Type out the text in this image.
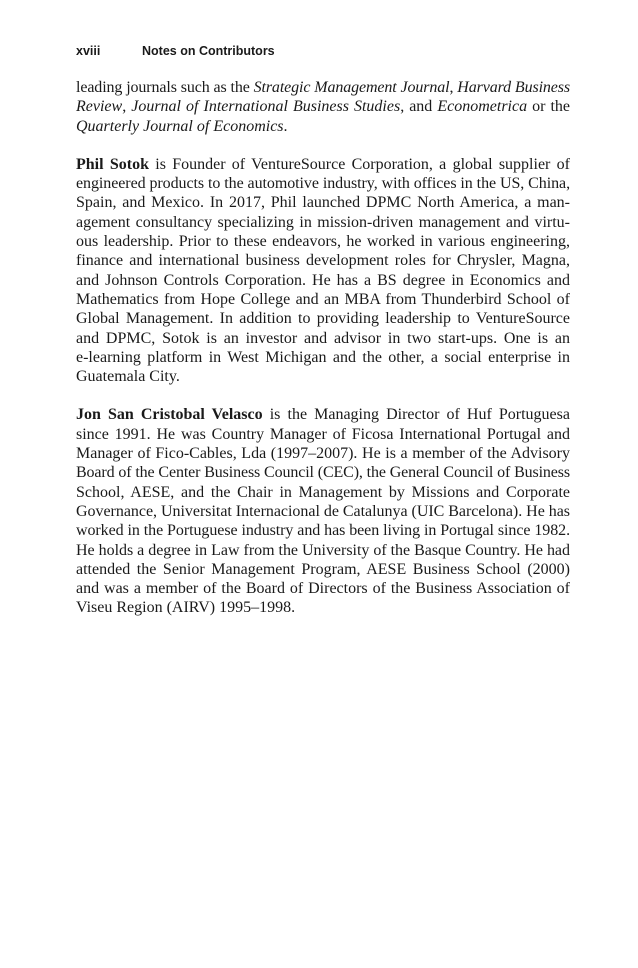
xviii	Notes on Contributors
leading journals such as the Strategic Management Journal, Harvard Business
Review, Journal of International Business Studies, and Econometrica or the
Quarterly Journal of Economics.
Phil Sotok is Founder of VentureSource Corporation, a global supplier of
engineered products to the automotive industry, with offices in the US, China,
Spain, and Mexico. In 2017, Phil launched DPMC North America, a man-
agement consultancy specializing in mission-driven management and virtu-
ous leadership. Prior to these endeavors, he worked in various engineering,
finance and international business development roles for Chrysler, Magna,
and Johnson Controls Corporation. He has a BS degree in Economics and
Mathematics from Hope College and an MBA from Thunderbird School of
Global Management. In addition to providing leadership to VentureSource
and DPMC, Sotok is an investor and advisor in two start-ups. One is an
e-learning platform in West Michigan and the other, a social enterprise in
Guatemala City.
Jon San Cristobal Velasco is the Managing Director of Huf Portuguesa
since 1991. He was Country Manager of Ficosa International Portugal and
Manager of Fico-Cables, Lda (1997–2007). He is a member of the Advisory
Board of the Center Business Council (CEC), the General Council of Business
School, AESE, and the Chair in Management by Missions and Corporate
Governance, Universitat Internacional de Catalunya (UIC Barcelona). He has
worked in the Portuguese industry and has been living in Portugal since 1982.
He holds a degree in Law from the University of the Basque Country. He had
attended the Senior Management Program, AESE Business School (2000)
and was a member of the Board of Directors of the Business Association of
Viseu Region (AIRV) 1995–1998.
